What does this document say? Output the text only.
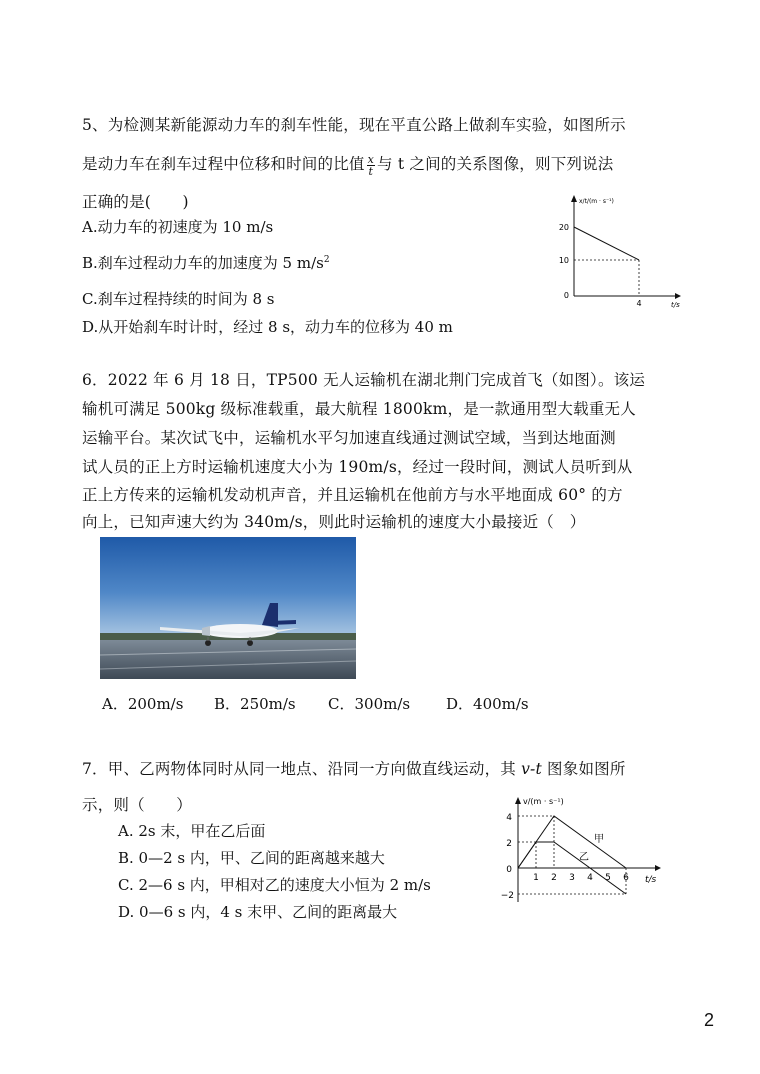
5、为检测某新能源动力车的刹车性能，现在平直公路上做刹车实验，如图所示
是动力车在刹车过程中位移和时间的比值 $\frac{x}{t}$ 与 t 之间的关系图像，则下列说法
正确的是(　　)
A.动力车的初速度为 10 m/s
B.刹车过程动力车的加速度为 5 $m/s^2$
C.刹车过程持续的时间为 8 s
D.从开始刹车时计时，经过 8 s，动力车的位移为 40 m
20
10
0
4
x/t/(m · s⁻¹)
t/s
6．2022 年 6 月 18 日，TP500 无人运输机在湖北荆门完成首飞（如图）。该运
输机可满足 500kg 级标准载重，最大航程 1800km，是一款通用型大载重无人
运输平台。某次试飞中，运输机水平匀加速直线通过测试空域，当到达地面测
试人员的正上方时运输机速度大小为 190m/s，经过一段时间，测试人员听到从
正上方传来的运输机发动机声音，并且运输机在他前方与水平地面成 60° 的方
向上，已知声速大约为 340m/s，则此时运输机的速度大小最接近（　）
A．200m/s B．250m/s C．300m/s D．400m/s
7．甲、乙两物体同时从同一地点、沿同一方向做直线运动，其 v-t 图象如图所
示，则（　　）
A. 2s 末，甲在乙后面
B. 0—2 s 内，甲、乙间的距离越来越大
C. 2—6 s 内，甲相对乙的速度大小恒为 2 m/s
D. 0—6 s 内，4 s 末甲、乙间的距离最大
v/(m · s⁻¹)
t/s
甲
乙
4
2
0
−2
1 2 3 4 5 6
2
